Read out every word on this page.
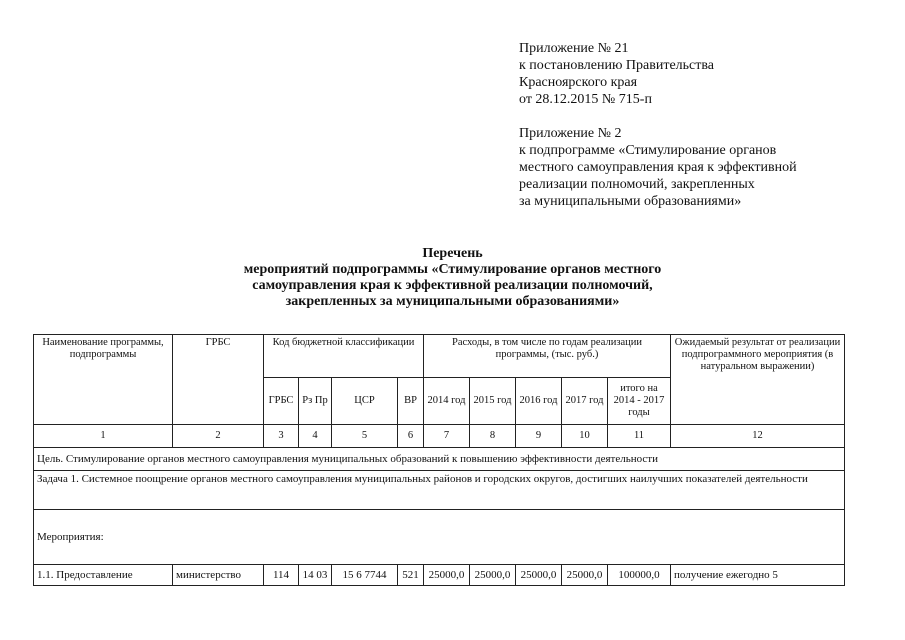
Приложение № 21
к постановлению Правительства
Красноярского края
от 28.12.2015 № 715-п
Приложение № 2
к подпрограмме «Стимулирование органов
местного самоуправления края к эффективной
реализации полномочий, закрепленных
за муниципальными образованиями»
Перечень
мероприятий подпрограммы «Стимулирование органов местного
самоуправления края к эффективной реализации полномочий,
закрепленных за муниципальными образованиями»
Наименование программы, подпрограммы	ГРБС	Код бюджетной классификации				Расходы, в том числе по годам реализации программы, (тыс. руб.)					Ожидаемый результат от реализации подпрограммного мероприятия (в натуральном выражении)
		ГРБС	Рз Пр	ЦСР	ВР	2014 год	2015 год	2016 год	2017 год	итого на 2014 - 2017 годы	
1	2	3	4	5	6	7	8	9	10	11	12
Цель. Стимулирование органов местного самоуправления муниципальных образований к повышению эффективности деятельности											
Задача 1. Системное поощрение органов местного самоуправления муниципальных районов и городских округов, достигших наилучших показателей деятельности											
Мероприятия:											
1.1. Предоставление	министерство	114	14 03	15 6 7744	521	25000,0	25000,0	25000,0	25000,0	100000,0	получение ежегодно 5
